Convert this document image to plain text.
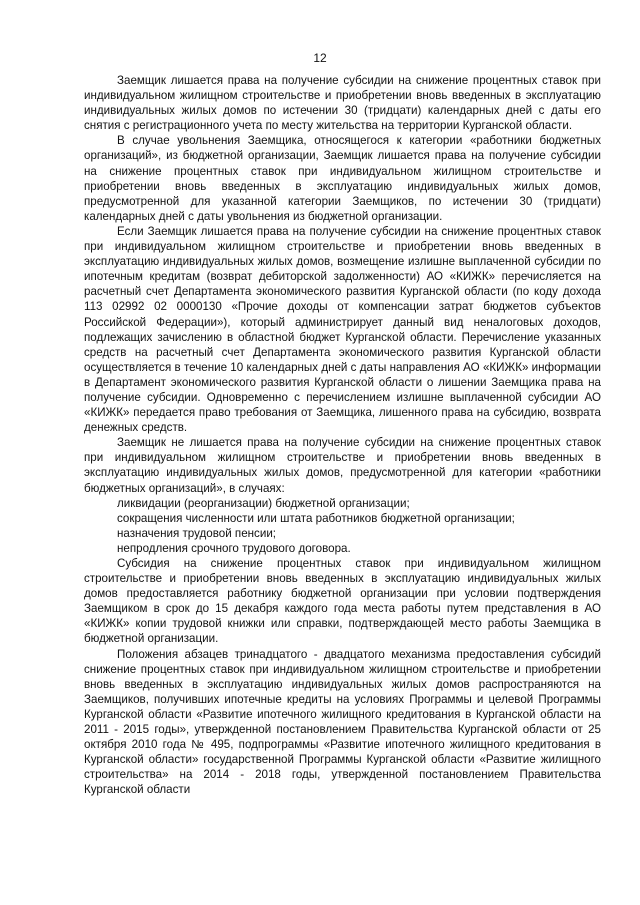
12

Заемщик лишается права на получение субсидии на снижение процентных ставок при индивидуальном жилищном строительстве и приобретении вновь введенных в эксплуатацию индивидуальных жилых домов по истечении 30 (тридцати) календарных дней с даты его снятия с регистрационного учета по месту жительства на территории Курганской области.

В случае увольнения Заемщика, относящегося к категории «работники бюджетных организаций», из бюджетной организации, Заемщик лишается права на получение субсидии на снижение процентных ставок при индивидуальном жилищном строительстве и приобретении вновь введенных в эксплуатацию индивидуальных жилых домов, предусмотренной для указанной категории Заемщиков, по истечении 30 (тридцати) календарных дней с даты увольнения из бюджетной организации.

Если Заемщик лишается права на получение субсидии на снижение процентных ставок при индивидуальном жилищном строительстве и приобретении вновь введенных в эксплуатацию индивидуальных жилых домов, возмещение излишне выплаченной субсидии по ипотечным кредитам (возврат дебиторской задолженности) АО «КИЖК» перечисляется на расчетный счет Департамента экономического развития Курганской области (по коду дохода 113 02992 02 0000130 «Прочие доходы от компенсации затрат бюджетов субъектов Российской Федерации»), который администрирует данный вид неналоговых доходов, подлежащих зачислению в областной бюджет Курганской области. Перечисление указанных средств на расчетный счет Департамента экономического развития Курганской области осуществляется в течение 10 календарных дней с даты направления АО «КИЖК» информации в Департамент экономического развития Курганской области о лишении Заемщика права на получение субсидии. Одновременно с перечислением излишне выплаченной субсидии АО «КИЖК» передается право требования от Заемщика, лишенного права на субсидию, возврата денежных средств.

Заемщик не лишается права на получение субсидии на снижение процентных ставок при индивидуальном жилищном строительстве и приобретении вновь введенных в эксплуатацию индивидуальных жилых домов, предусмотренной для категории «работники бюджетных организаций», в случаях:

ликвидации (реорганизации) бюджетной организации;

сокращения численности или штата работников бюджетной организации;

назначения трудовой пенсии;

непродления срочного трудового договора.

Субсидия на снижение процентных ставок при индивидуальном жилищном строительстве и приобретении вновь введенных в эксплуатацию индивидуальных жилых домов предоставляется работнику бюджетной организации при условии подтверждения Заемщиком в срок до 15 декабря каждого года места работы путем представления в АО «КИЖК» копии трудовой книжки или справки, подтверждающей место работы Заемщика в бюджетной организации.

Положения абзацев тринадцатого - двадцатого механизма предоставления субсидий снижение процентных ставок при индивидуальном жилищном строительстве и приобретении вновь введенных в эксплуатацию индивидуальных жилых домов распространяются на Заемщиков, получивших ипотечные кредиты на условиях Программы и целевой Программы Курганской области «Развитие ипотечного жилищного кредитования в Курганской области на 2011 - 2015 годы», утвержденной постановлением Правительства Курганской области от 25 октября 2010 года № 495, подпрограммы «Развитие ипотечного жилищного кредитования в Курганской области» государственной Программы Курганской области «Развитие жилищного строительства» на 2014 - 2018 годы, утвержденной постановлением Правительства Курганской области
